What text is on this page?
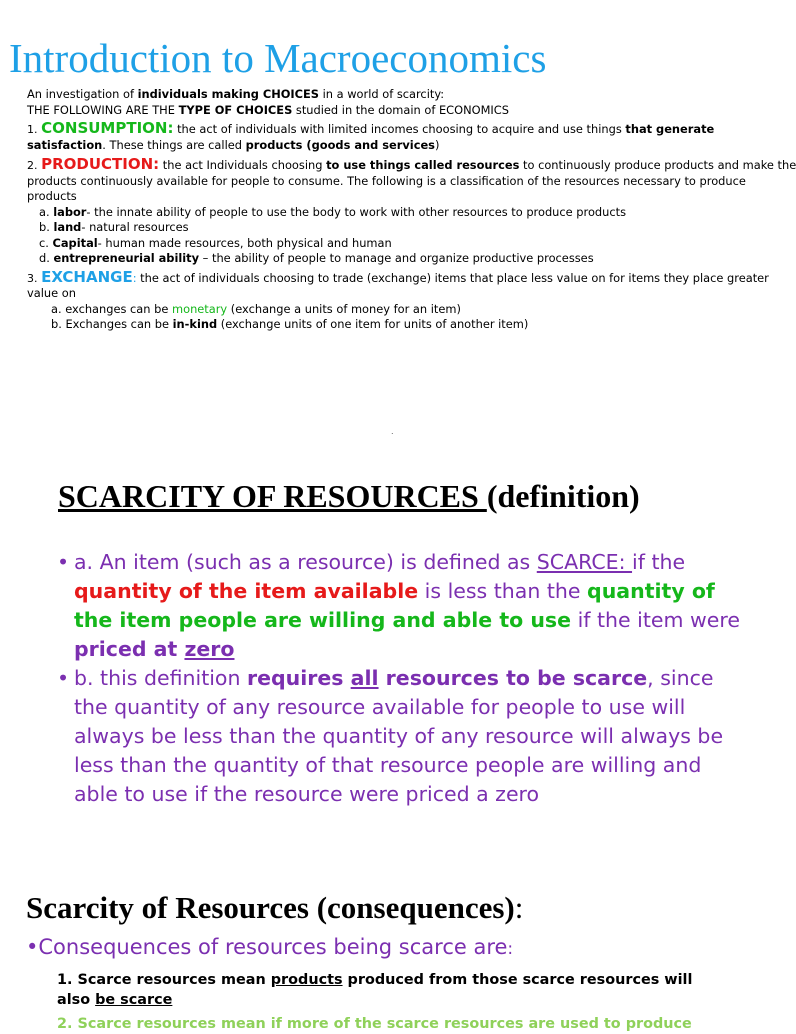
Introduction to Macroeconomics
An investigation of individuals making CHOICES in a world of scarcity:
THE FOLLOWING ARE THE TYPE OF CHOICES studied in the domain of ECONOMICS
1. CONSUMPTION: the act of individuals with limited incomes choosing to acquire and use things that generate
satisfaction. These things are called products (goods and services)
2. PRODUCTION: the act Individuals choosing to use things called resources to continuously produce products and make the
products continuously available for people to consume. The following is a classification of the resources necessary to produce
products
a. labor- the innate ability of people to use the body to work with other resources to produce products
b. land- natural resources
c. Capital- human made resources, both physical and human
d. entrepreneurial ability – the ability of people to manage and organize productive processes
3. EXCHANGE: the act of individuals choosing to trade (exchange) items that place less value on for items they place greater
value on
a. exchanges can be monetary (exchange a units of money for an item)
b. Exchanges can be in-kind (exchange units of one item for units of another item)
.
SCARCITY OF RESOURCES (definition)
• a. An item (such as a resource) is defined as SCARCE: if the quantity of the item available is less than the quantity of the item people are willing and able to use if the item were priced at zero
• b. this definition requires all resources to be scarce, since the quantity of any resource available for people to use will always be less than the quantity of any resource will always be less than the quantity of that resource people are willing and able to use if the resource were priced a zero
Scarcity of Resources (consequences):
•Consequences of resources being scarce are:
1. Scarce resources mean products produced from those scarce resources will
also be scarce
2. Scarce resources mean if more of the scarce resources are used to produce
